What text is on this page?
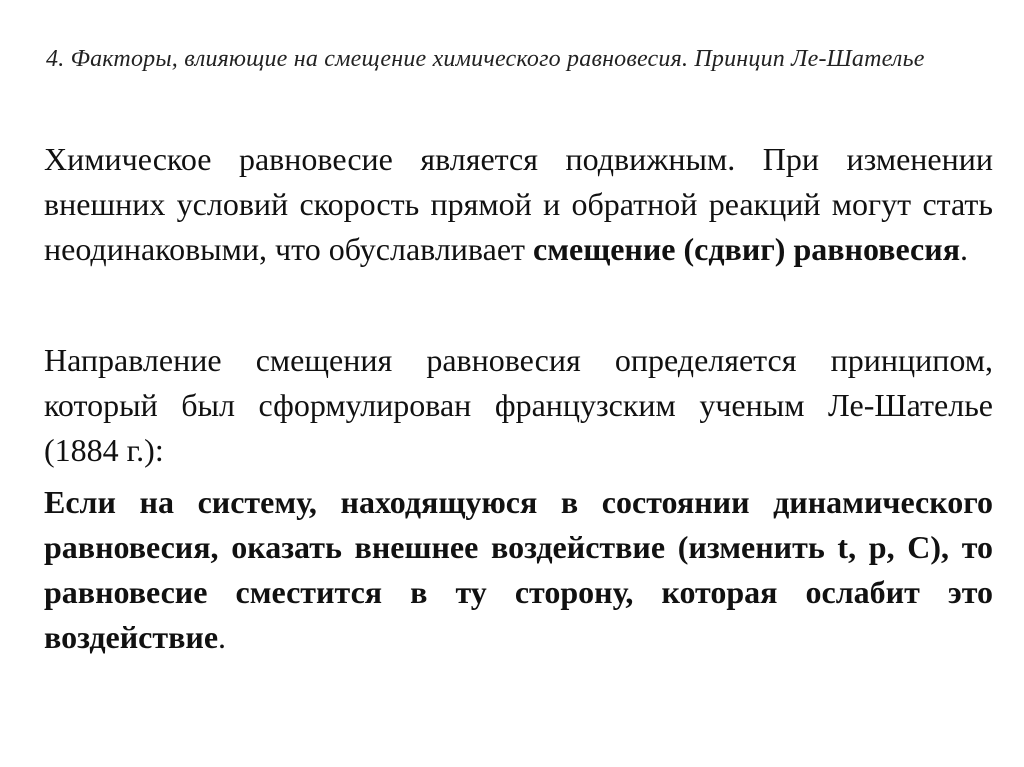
4. Факторы, влияющие на смещение химического равновесия. Принцип Ле-Шателье
Химическое равновесие является подвижным. При изменении внешних условий скорость прямой и обратной реакций могут стать неодинаковыми, что обуславливает смещение (сдвиг) равновесия.
Направление смещения равновесия определяется принципом, который был сформулирован французским ученым Ле-Шателье (1884 г.):
Если на систему, находящуюся в состоянии динамического равновесия, оказать внешнее воздействие (изменить t, p, С), то равновесие сместится в ту сторону, которая ослабит это воздействие.
